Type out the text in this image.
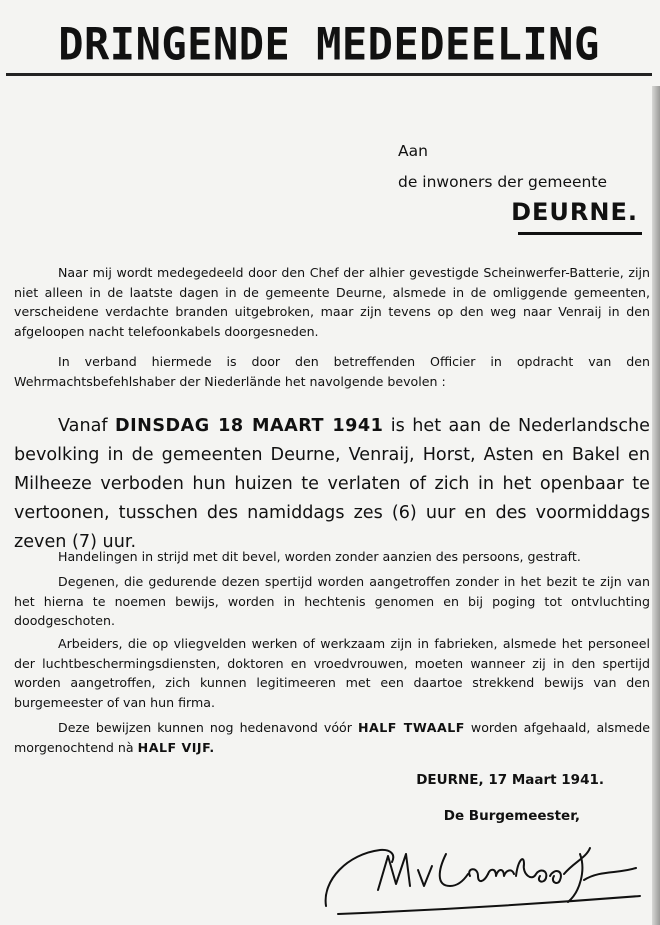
DRINGENDE MEDEDEELING
Aan
de inwoners der gemeente
DEURNE.

Naar mij wordt medegedeeld door den Chef der alhier gevestigde Scheinwerfer-Batterie, zijn niet alleen in de laatste dagen in de gemeente Deurne, alsmede in de omliggende gemeenten, verscheidene verdachte branden uitgebroken, maar zijn tevens op den weg naar Venraij in den afgeloopen nacht telefoonkabels doorgesneden.

In verband hiermede is door den betreffenden Officier in opdracht van den Wehrmachtsbefehlshaber der Niederlände het navolgende bevolen :

Vanaf DINSDAG 18 MAART 1941 is het aan de Nederlandsche bevolking in de gemeenten Deurne, Venraij, Horst, Asten en Bakel en Milheeze verboden hun huizen te verlaten of zich in het openbaar te vertoonen, tusschen des namiddags zes (6) uur en des voormiddags zeven (7) uur.

Handelingen in strijd met dit bevel, worden zonder aanzien des persoons, gestraft.

Degenen, die gedurende dezen spertijd worden aangetroffen zonder in het bezit te zijn van het hierna te noemen bewijs, worden in hechtenis genomen en bij poging tot ontvluchting doodgeschoten.

Arbeiders, die op vliegvelden werken of werkzaam zijn in fabrieken, alsmede het personeel der luchtbeschermingsdiensten, doktoren en vroedvrouwen, moeten wanneer zij in den spertijd worden aangetroffen, zich kunnen legitimeeren met een daartoe strekkend bewijs van den burgemeester of van hun firma.

Deze bewijzen kunnen nog hedenavond vóór HALF TWAALF worden afgehaald, alsmede morgenochtend nà HALF VIJF.

DEURNE, 17 Maart 1941.
De Burgemeester,
